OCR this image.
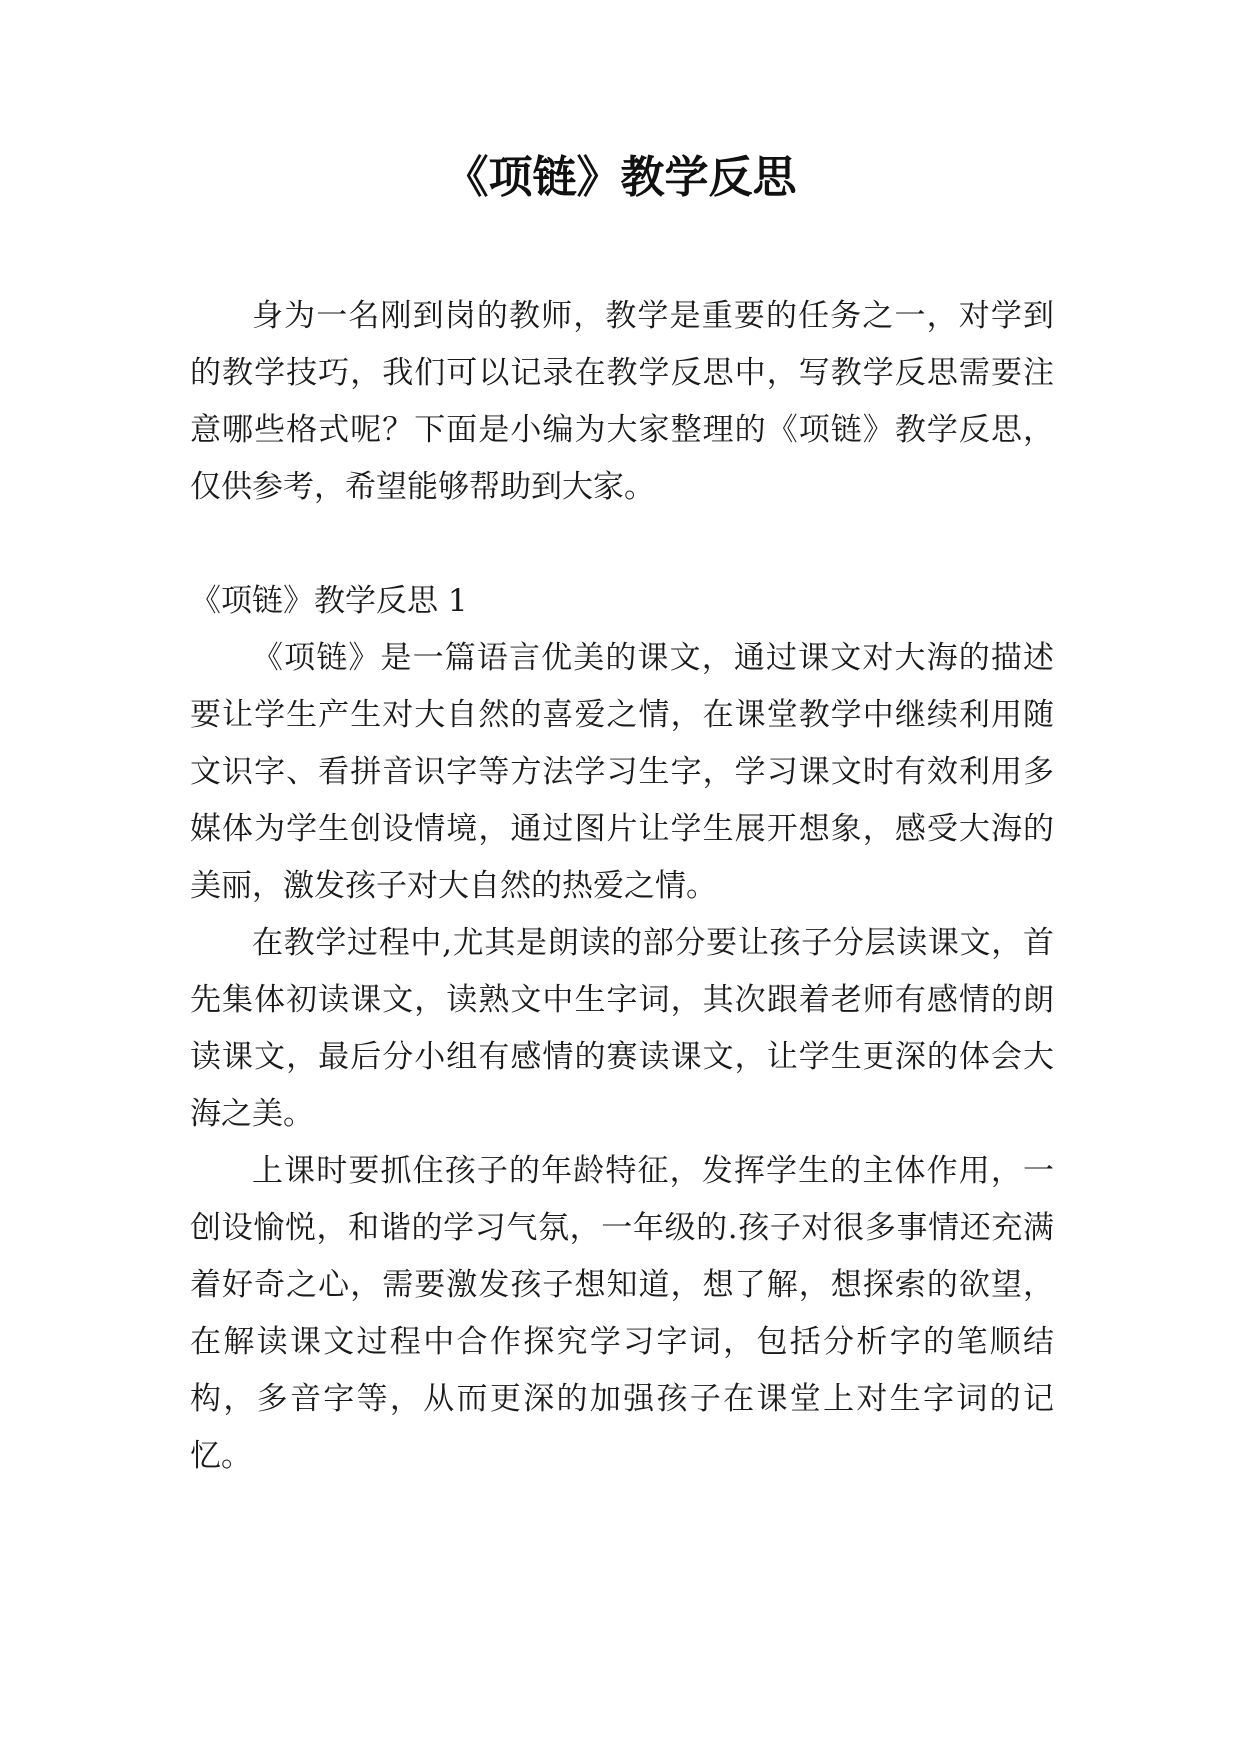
《项链》教学反思

身为一名刚到岗的教师，教学是重要的任务之一，对学到的教学技巧，我们可以记录在教学反思中，写教学反思需要注意哪些格式呢？下面是小编为大家整理的《项链》教学反思，仅供参考，希望能够帮助到大家。

《项链》教学反思 1

《项链》是一篇语言优美的课文，通过课文对大海的描述要让学生产生对大自然的喜爱之情，在课堂教学中继续利用随文识字、看拼音识字等方法学习生字，学习课文时有效利用多媒体为学生创设情境，通过图片让学生展开想象，感受大海的美丽，激发孩子对大自然的热爱之情。

在教学过程中,尤其是朗读的部分要让孩子分层读课文，首先集体初读课文，读熟文中生字词，其次跟着老师有感情的朗读课文，最后分小组有感情的赛读课文，让学生更深的体会大海之美。

上课时要抓住孩子的年龄特征，发挥学生的主体作用，一创设愉悦，和谐的学习气氛，一年级的.孩子对很多事情还充满着好奇之心，需要激发孩子想知道，想了解，想探索的欲望，在解读课文过程中合作探究学习字词，包括分析字的笔顺结构，多音字等，从而更深的加强孩子在课堂上对生字词的记忆。
